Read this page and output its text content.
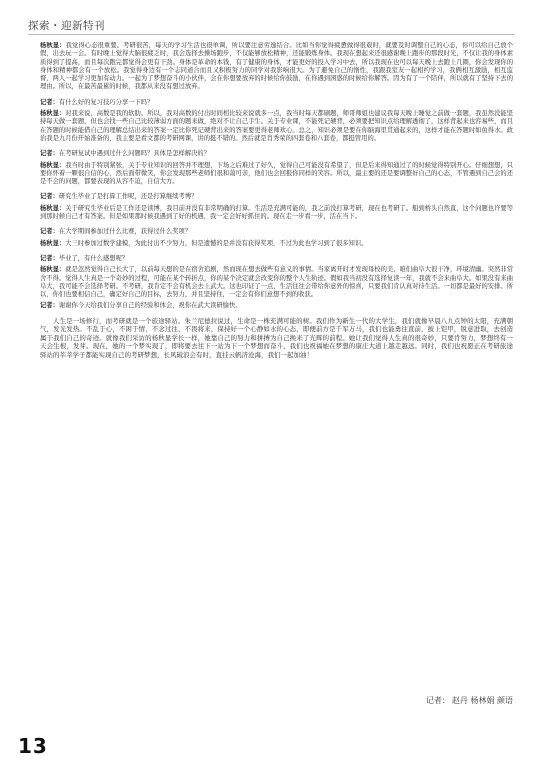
探索・迎新特刊
杨秋显：我觉得心态很重要。考研很苦，每天的学习生活也很单调，所以要注意劳逸结合。比如当你觉得疲惫做得很艰时，就要及时调整自己的心态，你可以给自己放个假，出去玩一会。有时晚上觉得大脑很疲乏时，我会选择去操场跑步，不仅能够放松精神，还能锻炼身体。我现在想起来还很感谢晚上跑步的那段时光，不仅让我的身体素质得到了提高，而且每次跑完都觉得会更有干劲。身体是革命的本钱，有了健康的身体，才能更好的投入学习中去，所以我现在也可以每天晚上去跑上几圈，你会发现你的身体和精神都会有一个放松。我觉得身边有一个志同道合而且又积极努力的同学对我影响很大。为了避免自己的惰性，我跟我室友一起相约学习，我俩相互激励，相互监督，两人一起学习更加有动力。一起为了梦想奋斗的小伙伴，会在你想要放弃的时候给你鼓励，在你遇到困惑的时候给你解答。因为有了一个陪伴，所以就有了坚持下去的理由。所以，在最苦最累的时候，我都从来没有想过放弃。
记者：有什么好的复习技巧分享一下吗？
杨秋显：对我来说，高数是我的软肋。所以，我对高数的付出时间相比较来说就多一点，我当时每天都刷题，师哥师姐也建议我每天晚上睡觉之前做一套题，我虽然没能坚持每天做一套题，但也会找一些自己比较薄弱方面的题来做，绝对不让自己手生。关于专业课，不能死记硬背，必须要把知识点给理解透彻了，这样背起来也容易些，而且在答题的时候能借自己的理解总结出来的答案一定比你死记硬背出来的答案要更得老师欢心。总之，知识必须是要在你脑海里贯通起来的，这样才能在答题时如鱼得水。政治我是九月份开始准备的，我主要是看文都的考研网课，讲的挺不错的。然后就是肖秀荣的四套卷和八套卷，都挺管用的。
记者：在考研复试中遇到过什么问题吗？具体是怎样解决的？
杨秋显：我当时由于特别紧张，关于专业知识的回答并不理想，下场之后难过了好久，觉得自己可能没有希望了，但是后来得知通过了的时候觉得特别开心。仔细想想，只要你怀着一颗很自信的心，然后面带微笑，你会发现那些老师们很和蔼可亲，他们也会回报你同样的笑容。所以，最主要的还是要调整好自己的心态，不管遇到自己会的还是不会的问题，都要表现的从容不迫，自信大方。
记者：研究生毕业了是打算工作呢，还是打算继续考博？
杨秋显：关于研究生毕业后是工作还是读博，我目前并没有非常明确的打算。生活是充满可能的，我之前没打算考研，现在也考研了。船到桥头自然直，这个问题也许要等到那时候自己才有答案。但是如果那时候我遇到了好的机遇，我一定会好好抓住的。现在走一步看一步，活在当下。
记者：在大学期间参加过什么比赛，获得过什么奖项？
杨秋显：大三时参加过数学建模，为此付出不少努力，但是遗憾的是并没有获得奖项，不过为此也学习到了很多知识。
记者：毕业了，有什么感想呢？
杨秋显：就是忽然觉得自己长大了，以前每天想的是在宿舍追剧，然而现在想去做些有意义的事情。当家离开时才发现母校的美，咱们曲阜大很干净，环境清幽。突然非常舍不得。觉得人生真是一个奇妙的过程，可能在某个转折点，你的某个决定就会改变你的整个人生轨迹。假如我当初没有选择复读一年，我就不会来曲阜大。如果没有来曲阜大，我可能不会选择考研。不考研，我肯定不会有机会去上武大。这也印证了一点，生活往往会带给你意外的惊喜，只要我们肯认真对待生活。一切都是最好的安排。所以，你们也要相信自己，确定好自己的目标，去努力，并且坚持住，一定会有你们意想不到的收获。
记者：谢谢你今天给我们分享自己的经验和体会，祝你在武大读研愉快。
人生是一场修行，而考研就是一个旅途驿站。朱兰尼德拉说过，生命是一株充满可能的树。我们作为新生一代的大学生，我们就像早晨八九点钟的太阳，充满朝气，发光发热。不乱于心，不困于情，不念过往，不畏将来，保持好一个心静如水的心态，即便前方是千军万马，我们也能勇往直前，披上铠甲，锐意进取，去创造属于我们自己的奇迹。就像我们采访的杨秋显学长一样，她靠自己的努力和拼搏为自己换来了光辉的前程。她让我们觉得人生真的很奇妙，只要肯努力，梦想终有一天会生根，发芽。现在，她的一个梦实现了，即将要去往下一站为下一个梦想而奋斗，我们也祝福她在梦想的康庄大道上越走越远。同时，我们也祝愿正在考研旅途驿站的莘莘学子都能实现自己的考研梦想，长风破浪会有时，直挂云帆济沧海，我们一起加油！
记者： 赵丹 杨林娟 颜语
13
